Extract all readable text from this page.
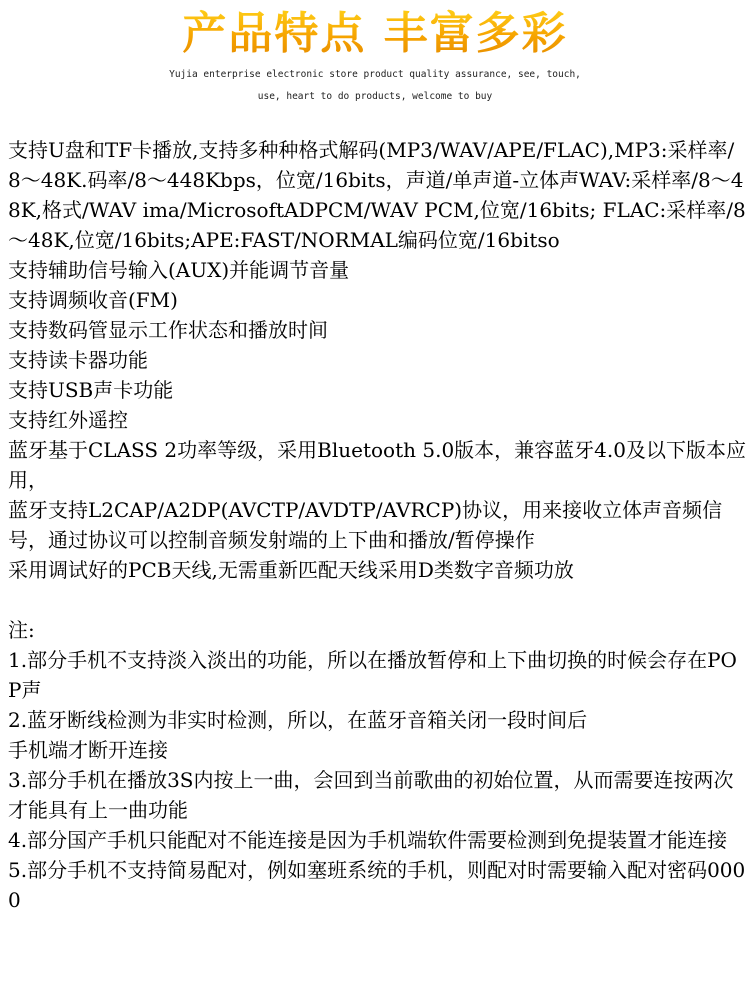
产品特点 丰富多彩
Yujia enterprise electronic store product quality assurance, see, touch,
use, heart to do products, welcome to buy

支持U盘和TF卡播放,支持多种种格式解码(MP3/WAV/APE/FLAC),MP3:采样率/8～48K.码率/8～448Kbps，位宽/16bits，声道/单声道-立体声WAV:采样率/8～48K,格式/WAV ima/MicrosoftADPCM/WAV PCM,位宽/16bits; FLAC:采样率/8～48K,位宽/16bits;APE:FAST/NORMAL编码位宽/16bitso

支持辅助信号输入(AUX)并能调节音量

支持调频收音(FM)

支持数码管显示工作状态和播放时间

支持读卡器功能

支持USB声卡功能

支持红外遥控

蓝牙基于CLASS 2功率等级，采用Bluetooth 5.0版本，兼容蓝牙4.0及以下版本应用，

蓝牙支持L2CAP/A2DP(AVCTP/AVDTP/AVRCP)协议，用来接收立体声音频信号，通过协议可以控制音频发射端的上下曲和播放/暂停操作

采用调试好的PCB天线,无需重新匹配天线采用D类数字音频功放

注:

1.部分手机不支持淡入淡出的功能，所以在播放暂停和上下曲切换的时候会存在POP声

2.蓝牙断线检测为非实时检测，所以，在蓝牙音箱关闭一段时间后
手机端才断开连接

3.部分手机在播放3S内按上一曲，会回到当前歌曲的初始位置，从而需要连按两次才能具有上一曲功能

4.部分国产手机只能配对不能连接是因为手机端软件需要检测到免提装置才能连接

5.部分手机不支持简易配对，例如塞班系统的手机，则配对时需要输入配对密码0000
